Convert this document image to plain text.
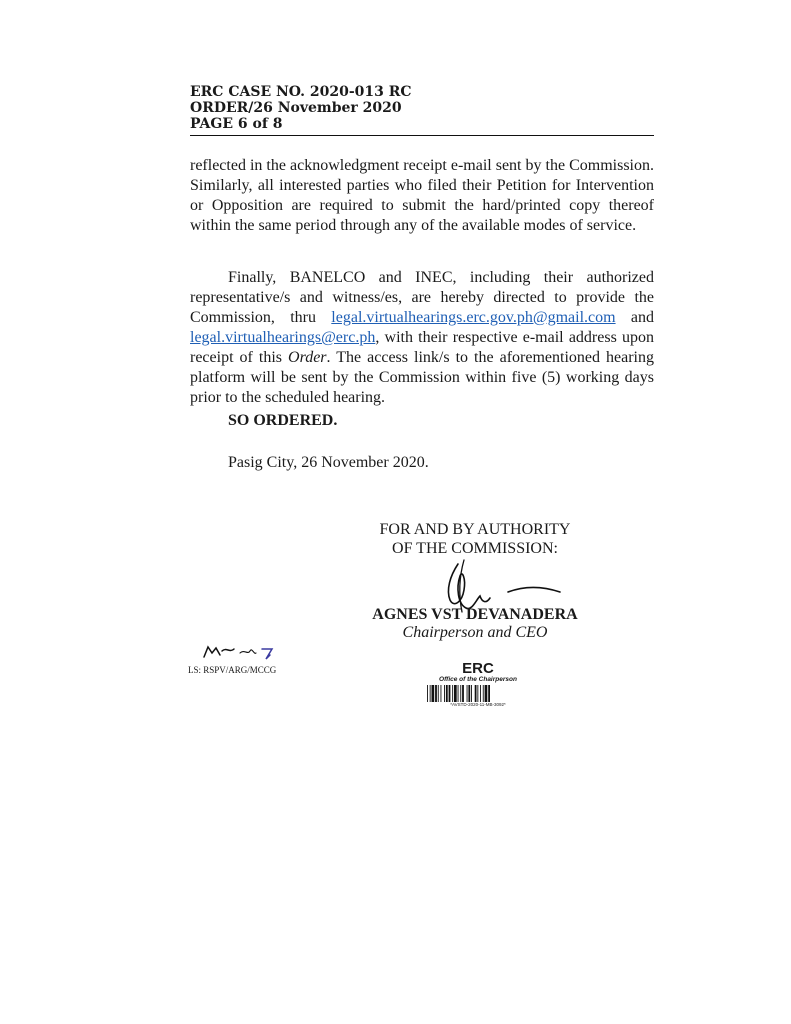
ERC CASE NO. 2020-013 RC
ORDER/26 November 2020
PAGE 6 of 8
reflected in the acknowledgment receipt e-mail sent by the Commission. Similarly, all interested parties who filed their Petition for Intervention or Opposition are required to submit the hard/printed copy thereof within the same period through any of the available modes of service.
Finally, BANELCO and INEC, including their authorized representative/s and witness/es, are hereby directed to provide the Commission, thru legal.virtualhearings.erc.gov.ph@gmail.com and legal.virtualhearings@erc.ph, with their respective e-mail address upon receipt of this Order. The access link/s to the aforementioned hearing platform will be sent by the Commission within five (5) working days prior to the scheduled hearing.
SO ORDERED.
Pasig City, 26 November 2020.
FOR AND BY AUTHORITY
OF THE COMMISSION:
AGNES VST DEVANADERA
Chairperson and CEO
LS: RSPV/ARG/MCCG	ERC
Office of the Chairperson
*AVSTD-2020-11-MB-3092*
